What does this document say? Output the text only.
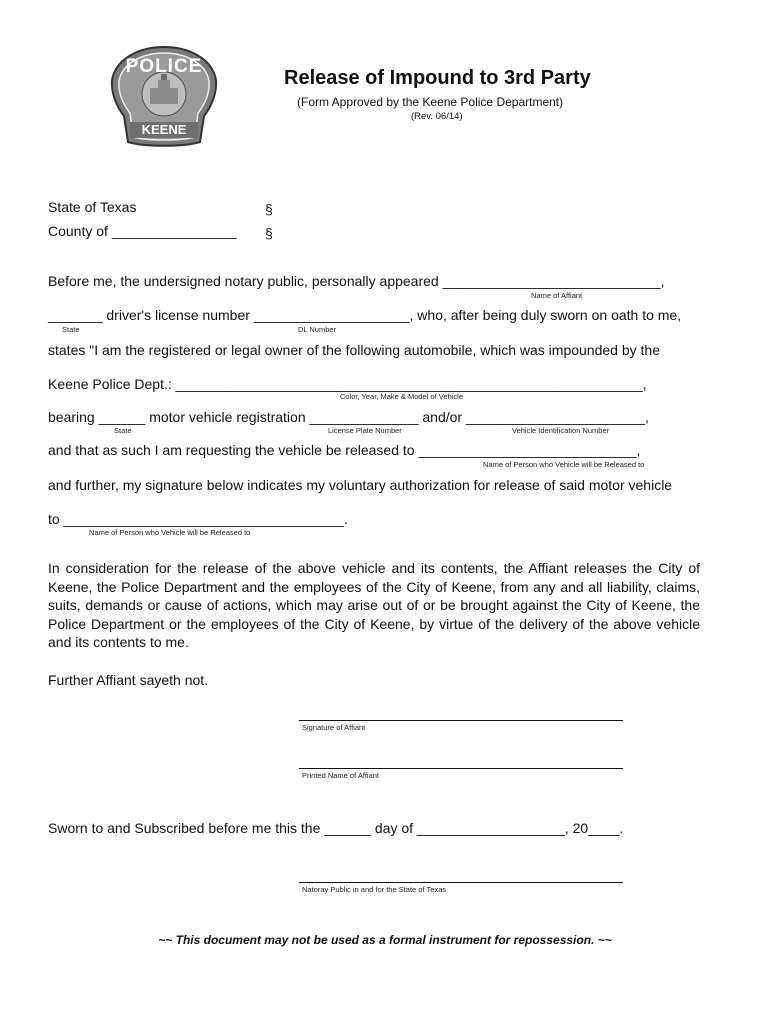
POLICE
KEENE
Release of Impound to 3rd Party
(Form Approved by the Keene Police Department)
(Rev. 06/14)
State of Texas	§
County of ________________ §
Before me, the undersigned notary public, personally appeared ____________________________,
Name of Affiant
_______ driver's license number ____________________, who, after being duly sworn on oath to me,
State	DL Number
states "I am the registered or legal owner of the following automobile, which was impounded by the
Keene Police Dept.: ____________________________________________________________,
Color, Year, Make & Model of Vehicle
bearing ______ motor vehicle registration ______________ and/or _______________________,
State	License Plate Number	Vehicle Identification Number
and that as such I am requesting the vehicle be released to ____________________________,
Name of Person who Vehicle will be Released to
and further, my signature below indicates my voluntary authorization for release of said motor vehicle
to ____________________________________.
Name of Person who Vehicle will be Released to
In consideration for the release of the above vehicle and its contents, the Affiant releases the City of Keene, the Police Department and the employees of the City of Keene, from any and all liability, claims, suits, demands or cause of actions, which may arise out of or be brought against the City of Keene, the Police Department or the employees of the City of Keene, by virtue of the delivery of the above vehicle and its contents to me.
Further Affiant sayeth not.
Signature of Affiant
Printed Name of Affiant
Sworn to and Subscribed before me this the ______ day of ___________________, 20____.
Natoray Public in and for the State of Texas
~~ This document may not be used as a formal instrument for repossession. ~~
